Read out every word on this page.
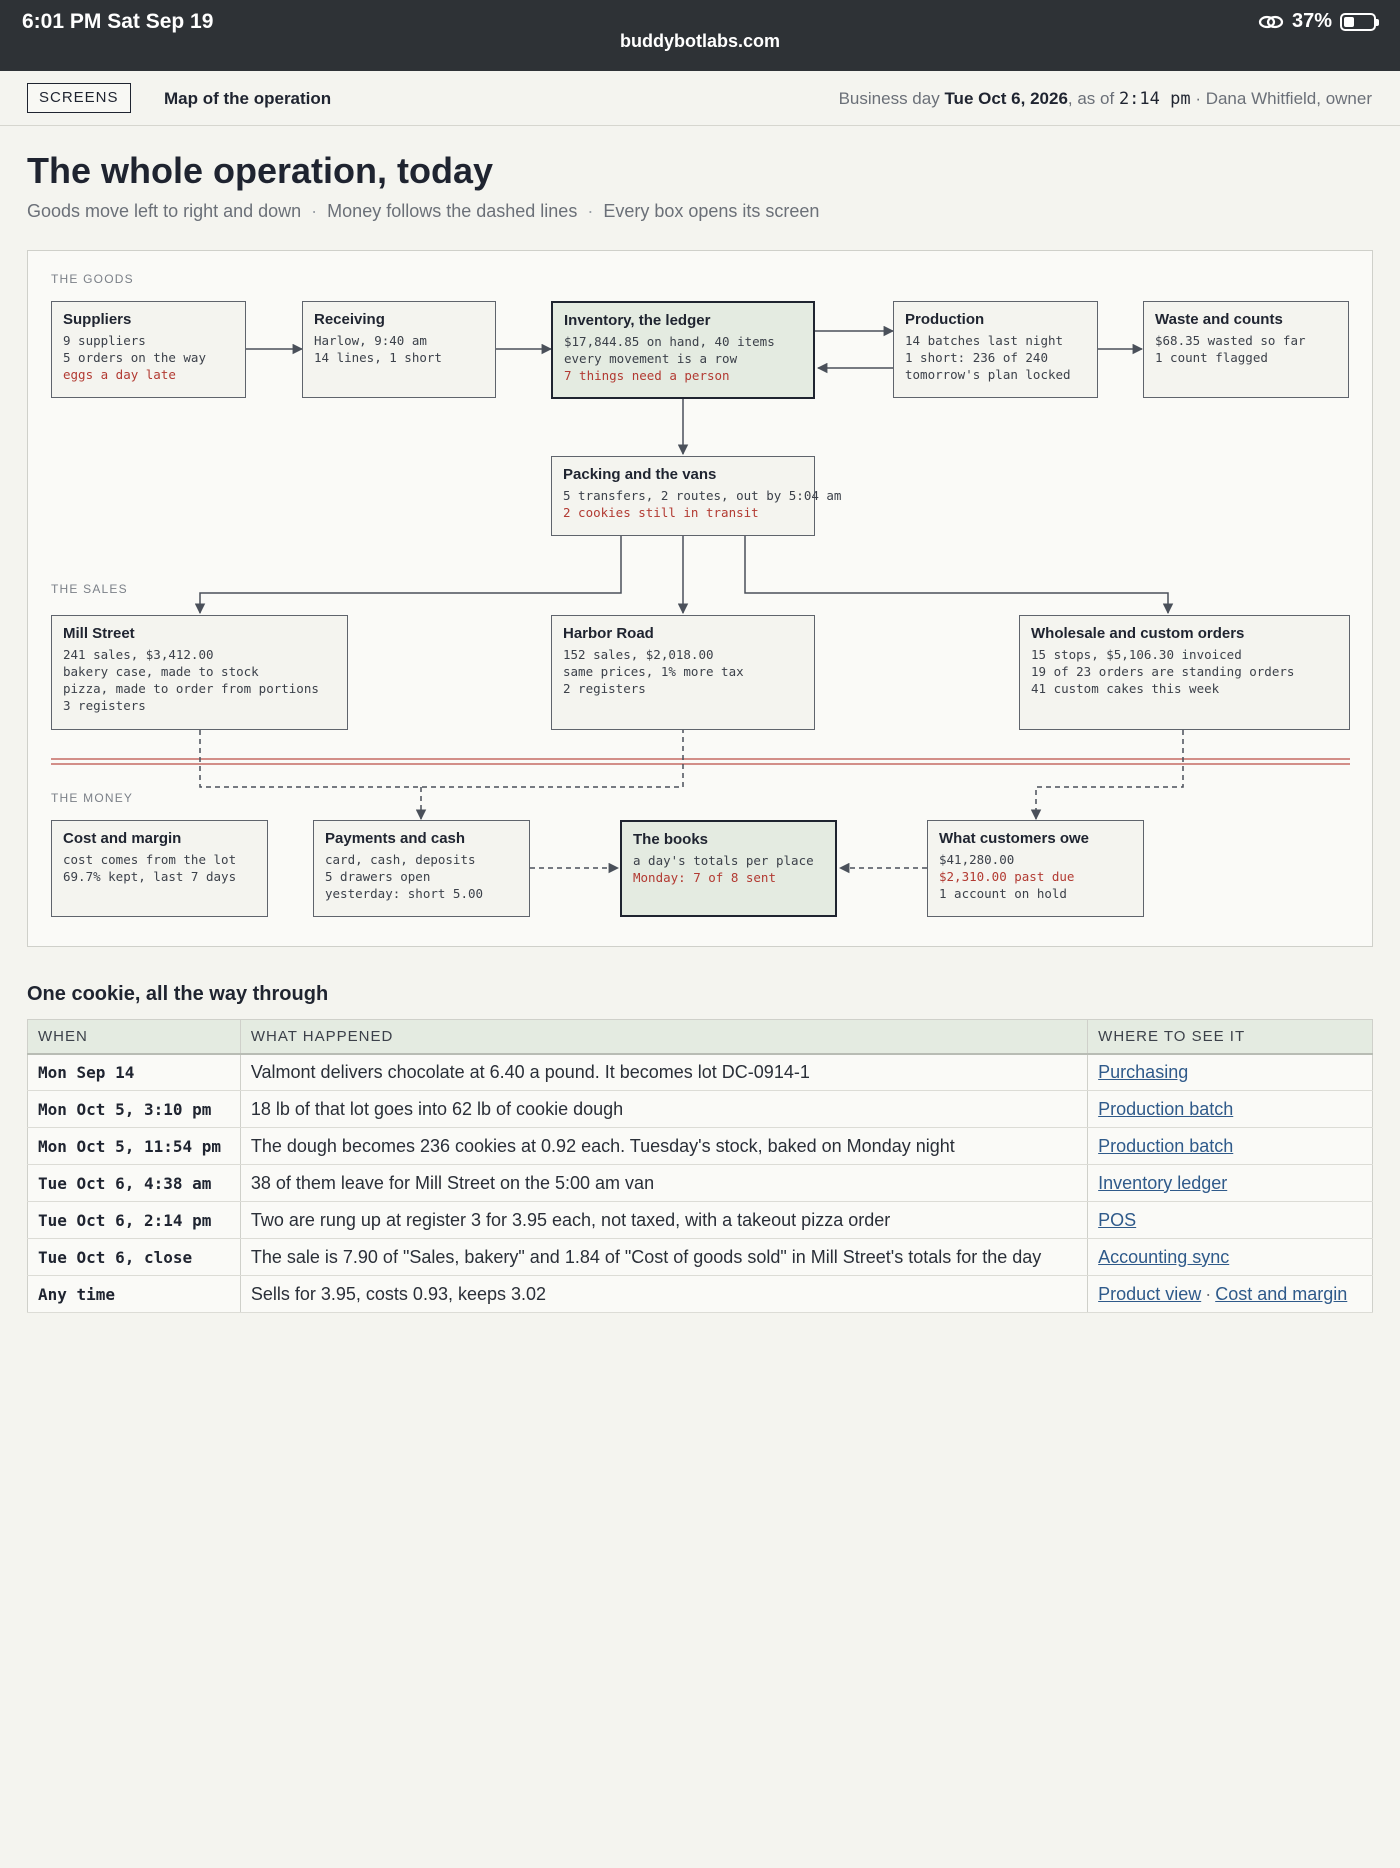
6:01 PM Sat Sep 19
buddybotlabs.com
37%
SCREENS	Map of the operation	Business day Tue Oct 6, 2026, as of 2:14 pm · Dana Whitfield, owner
The whole operation, today
Goods move left to right and down · Money follows the dashed lines · Every box opens its screen
THE GOODS
THE SALES
THE MONEY
Suppliers
9 suppliers
5 orders on the way
eggs a day late
Receiving
Harlow, 9:40 am
14 lines, 1 short
Inventory, the ledger
$17,844.85 on hand, 40 items
every movement is a row
7 things need a person
Production
14 batches last night
1 short: 236 of 240
tomorrow's plan locked
Waste and counts
$68.35 wasted so far
1 count flagged
Packing and the vans
5 transfers, 2 routes, out by 5:04 am
2 cookies still in transit
Mill Street
241 sales, $3,412.00
bakery case, made to stock
pizza, made to order from portions
3 registers
Harbor Road
152 sales, $2,018.00
same prices, 1% more tax
2 registers
Wholesale and custom orders
15 stops, $5,106.30 invoiced
19 of 23 orders are standing orders
41 custom cakes this week
Cost and margin
cost comes from the lot
69.7% kept, last 7 days
Payments and cash
card, cash, deposits
5 drawers open
yesterday: short 5.00
The books
a day's totals per place
Monday: 7 of 8 sent
What customers owe
$41,280.00
$2,310.00 past due
1 account on hold
One cookie, all the way through
WHEN	WHAT HAPPENED	WHERE TO SEE IT
Mon Sep 14	Valmont delivers chocolate at 6.40 a pound. It becomes lot DC-0914-1	Purchasing
Mon Oct 5, 3:10 pm	18 lb of that lot goes into 62 lb of cookie dough	Production batch
Mon Oct 5, 11:54 pm	The dough becomes 236 cookies at 0.92 each. Tuesday's stock, baked on Monday night	Production batch
Tue Oct 6, 4:38 am	38 of them leave for Mill Street on the 5:00 am van	Inventory ledger
Tue Oct 6, 2:14 pm	Two are rung up at register 3 for 3.95 each, not taxed, with a takeout pizza order	POS
Tue Oct 6, close	The sale is 7.90 of "Sales, bakery" and 1.84 of "Cost of goods sold" in Mill Street's totals for the day	Accounting sync
Any time	Sells for 3.95, costs 0.93, keeps 3.02	Product view · Cost and margin
